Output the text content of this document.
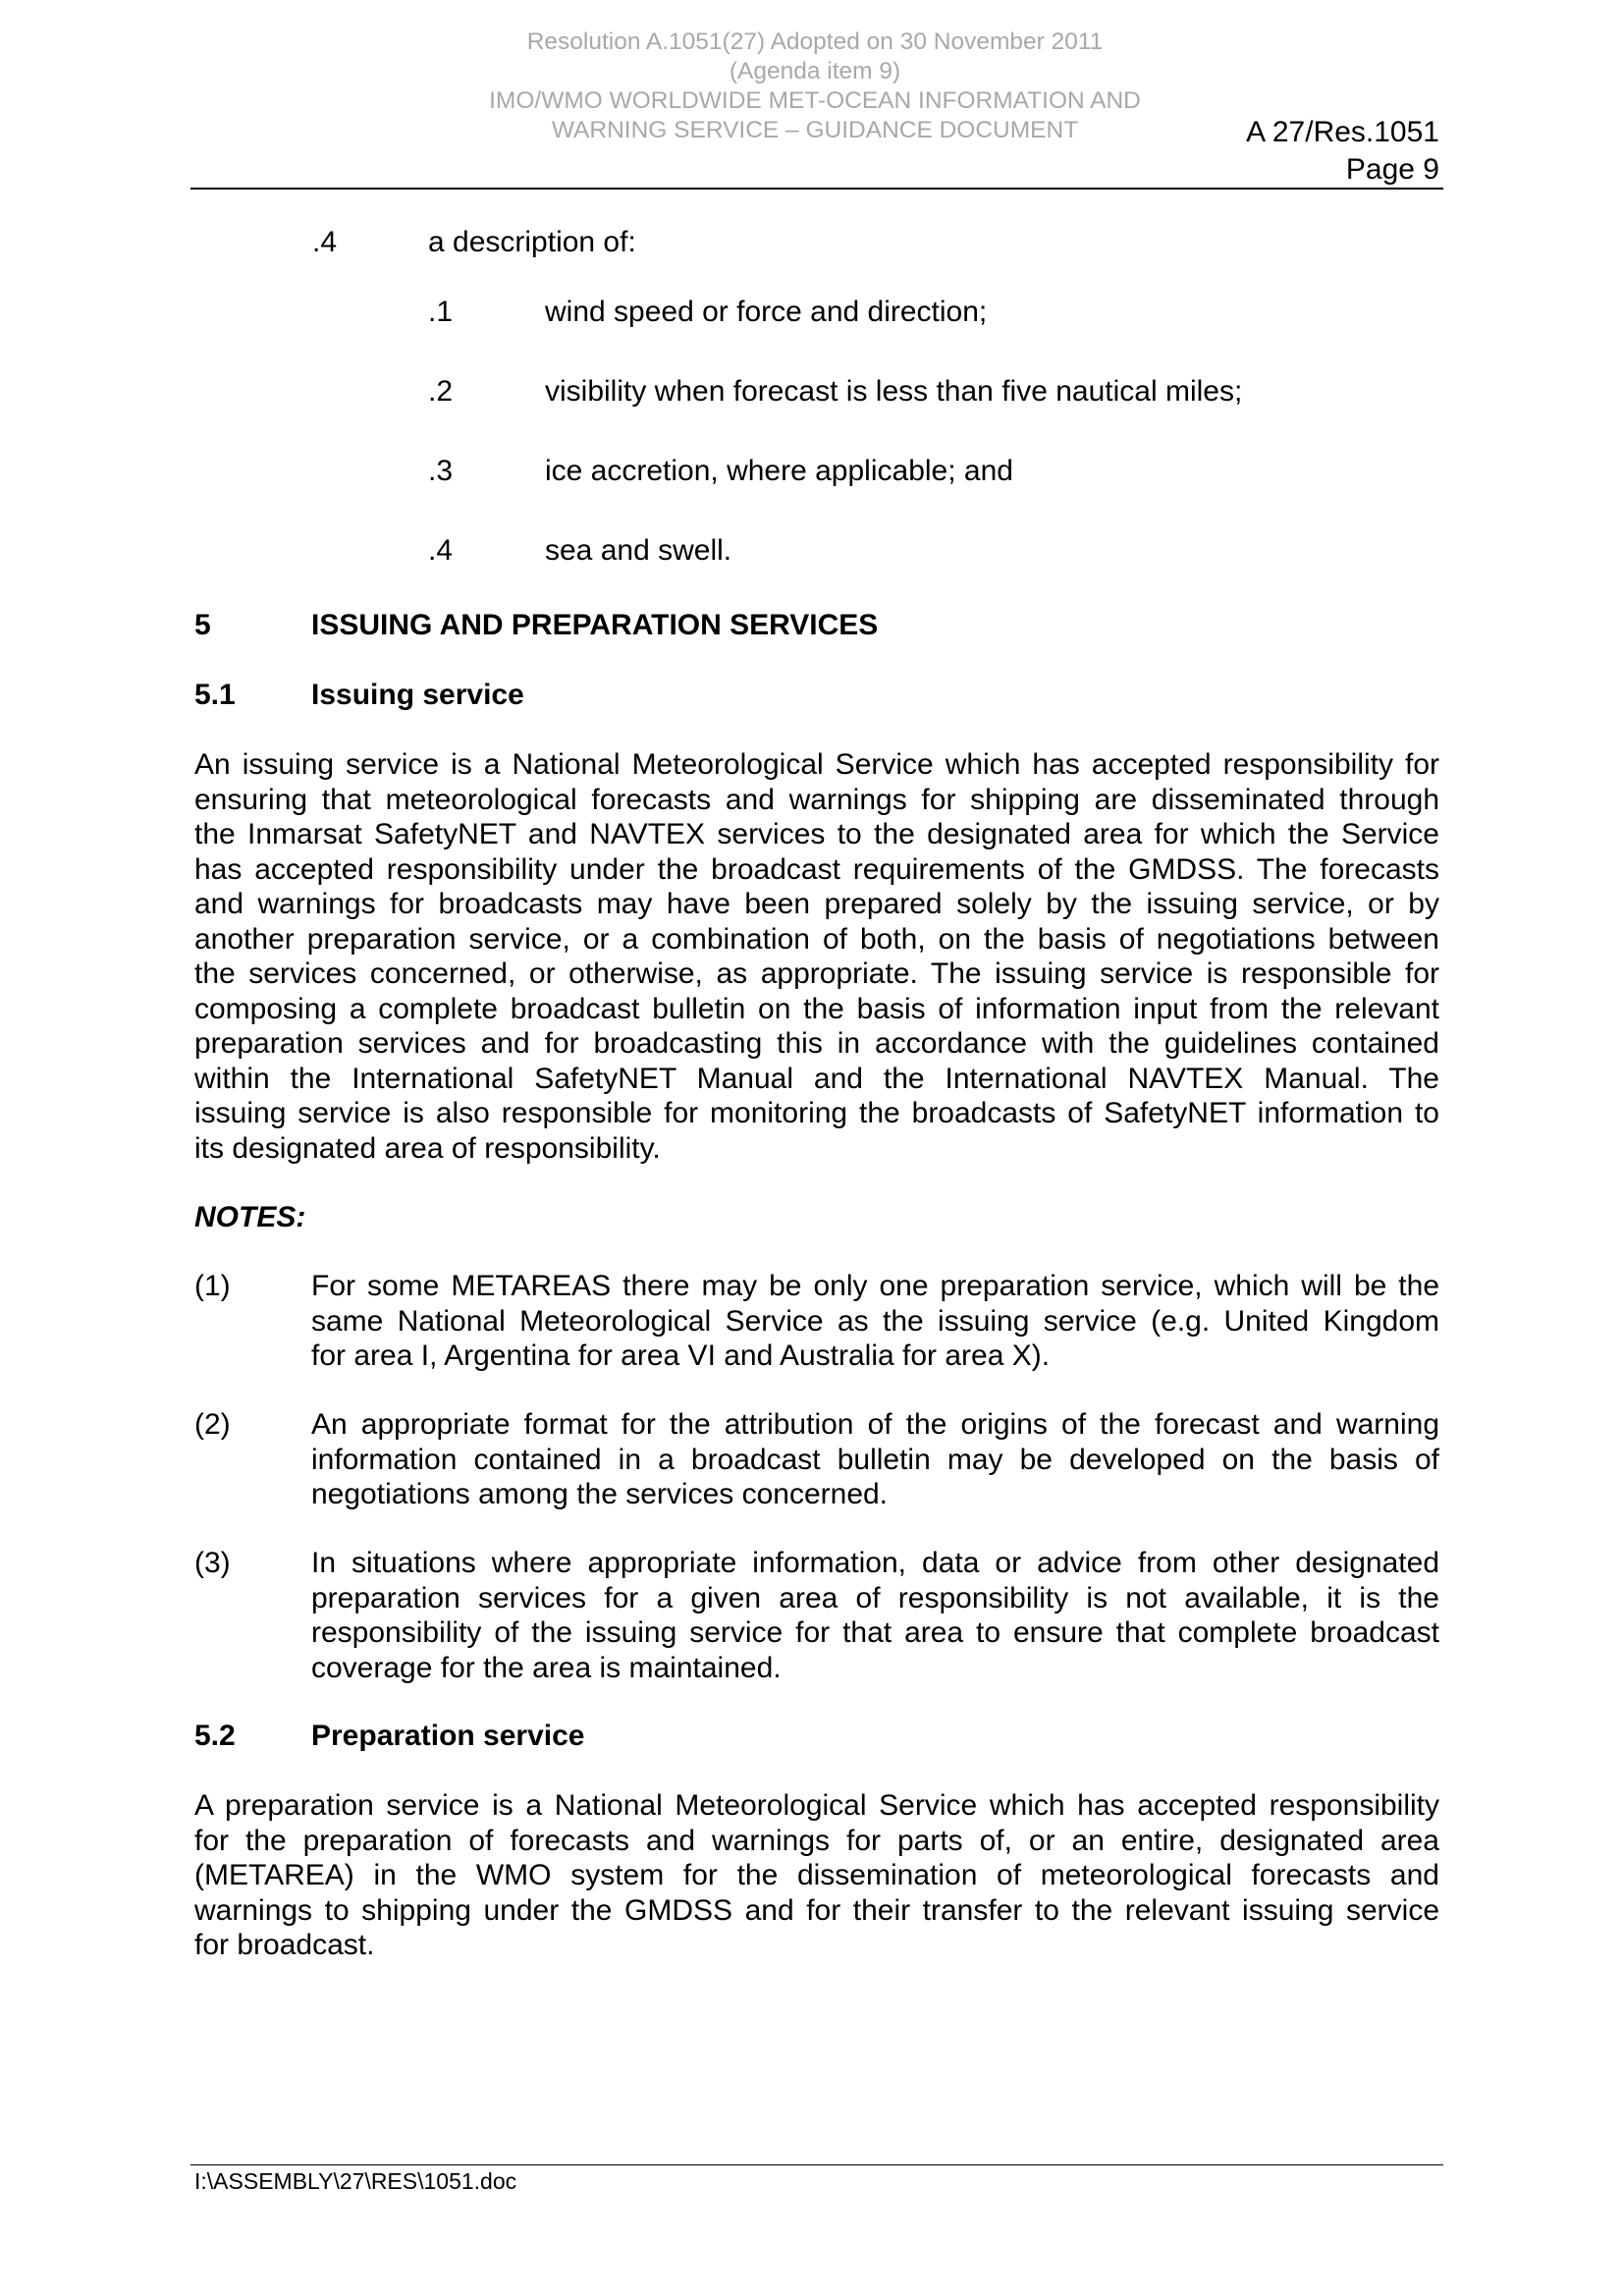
Resolution A.1051(27) Adopted on 30 November 2011
(Agenda item 9)
IMO/WMO WORLDWIDE MET-OCEAN INFORMATION AND
WARNING SERVICE – GUIDANCE DOCUMENT	A 27/Res.1051
Page 9
.4	a description of:
.1	wind speed or force and direction;
.2	visibility when forecast is less than five nautical miles;
.3	ice accretion, where applicable; and
.4	sea and swell.
5	ISSUING AND PREPARATION SERVICES
5.1	Issuing service
An issuing service is a National Meteorological Service which has accepted responsibility for
ensuring that meteorological forecasts and warnings for shipping are disseminated through
the Inmarsat SafetyNET and NAVTEX services to the designated area for which the Service
has accepted responsibility under the broadcast requirements of the GMDSS. The forecasts
and warnings for broadcasts may have been prepared solely by the issuing service, or by
another preparation service, or a combination of both, on the basis of negotiations between
the services concerned, or otherwise, as appropriate. The issuing service is responsible for
composing a complete broadcast bulletin on the basis of information input from the relevant
preparation services and for broadcasting this in accordance with the guidelines contained
within the International SafetyNET Manual and the International NAVTEX Manual. The
issuing service is also responsible for monitoring the broadcasts of SafetyNET information to
its designated area of responsibility.
NOTES:
(1)	For some METAREAS there may be only one preparation service, which will be the
same National Meteorological Service as the issuing service (e.g. United Kingdom
for area I, Argentina for area VI and Australia for area X).
(2)	An appropriate format for the attribution of the origins of the forecast and warning
information contained in a broadcast bulletin may be developed on the basis of
negotiations among the services concerned.
(3)	In situations where appropriate information, data or advice from other designated
preparation services for a given area of responsibility is not available, it is the
responsibility of the issuing service for that area to ensure that complete broadcast
coverage for the area is maintained.
5.2	Preparation service
A preparation service is a National Meteorological Service which has accepted responsibility
for the preparation of forecasts and warnings for parts of, or an entire, designated area
(METAREA) in the WMO system for the dissemination of meteorological forecasts and
warnings to shipping under the GMDSS and for their transfer to the relevant issuing service
for broadcast.
I:\ASSEMBLY\27\RES\1051.doc
